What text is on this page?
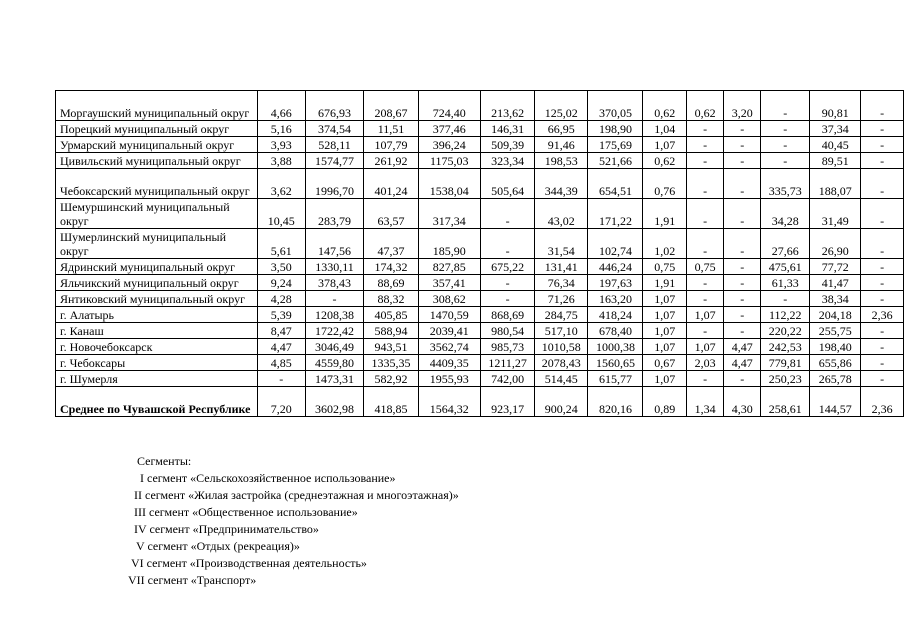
Моргаушский муниципальный округ	4,66	676,93	208,67	724,40	213,62	125,02	370,05	0,62	0,62	3,20	-	90,81	-
Порецкий муниципальный округ	5,16	374,54	11,51	377,46	146,31	66,95	198,90	1,04	-	-	-	37,34	-
Урмарский муниципальный округ	3,93	528,11	107,79	396,24	509,39	91,46	175,69	1,07	-	-	-	40,45	-
Цивильский муниципальный округ	3,88	1574,77	261,92	1175,03	323,34	198,53	521,66	0,62	-	-	-	89,51	-
Чебоксарский муниципальный округ	3,62	1996,70	401,24	1538,04	505,64	344,39	654,51	0,76	-	-	335,73	188,07	-
Шемуршинский муниципальный округ	10,45	283,79	63,57	317,34	-	43,02	171,22	1,91	-	-	34,28	31,49	-
Шумерлинский муниципальный округ	5,61	147,56	47,37	185,90	-	31,54	102,74	1,02	-	-	27,66	26,90	-
Ядринский муниципальный округ	3,50	1330,11	174,32	827,85	675,22	131,41	446,24	0,75	0,75	-	475,61	77,72	-
Яльчикский муниципальный округ	9,24	378,43	88,69	357,41	-	76,34	197,63	1,91	-	-	61,33	41,47	-
Янтиковский муниципальный округ	4,28	-	88,32	308,62	-	71,26	163,20	1,07	-	-	-	38,34	-
г. Алатырь	5,39	1208,38	405,85	1470,59	868,69	284,75	418,24	1,07	1,07	-	112,22	204,18	2,36
г. Канаш	8,47	1722,42	588,94	2039,41	980,54	517,10	678,40	1,07	-	-	220,22	255,75	-
г. Новочебоксарск	4,47	3046,49	943,51	3562,74	985,73	1010,58	1000,38	1,07	1,07	4,47	242,53	198,40	-
г. Чебоксары	4,85	4559,80	1335,35	4409,35	1211,27	2078,43	1560,65	0,67	2,03	4,47	779,81	655,86	-
г. Шумерля	-	1473,31	582,92	1955,93	742,00	514,45	615,77	1,07	-	-	250,23	265,78	-
Среднее по Чувашской Республике	7,20	3602,98	418,85	1564,32	923,17	900,24	820,16	0,89	1,34	4,30	258,61	144,57	2,36
Сегменты:
I сегмент «Сельскохозяйственное использование»
II сегмент «Жилая застройка (среднеэтажная и многоэтажная)»
III сегмент «Общественное использование»
IV сегмент «Предпринимательство»
V сегмент «Отдых (рекреация)»
VI сегмент «Производственная деятельность»
VII сегмент «Транспорт»
